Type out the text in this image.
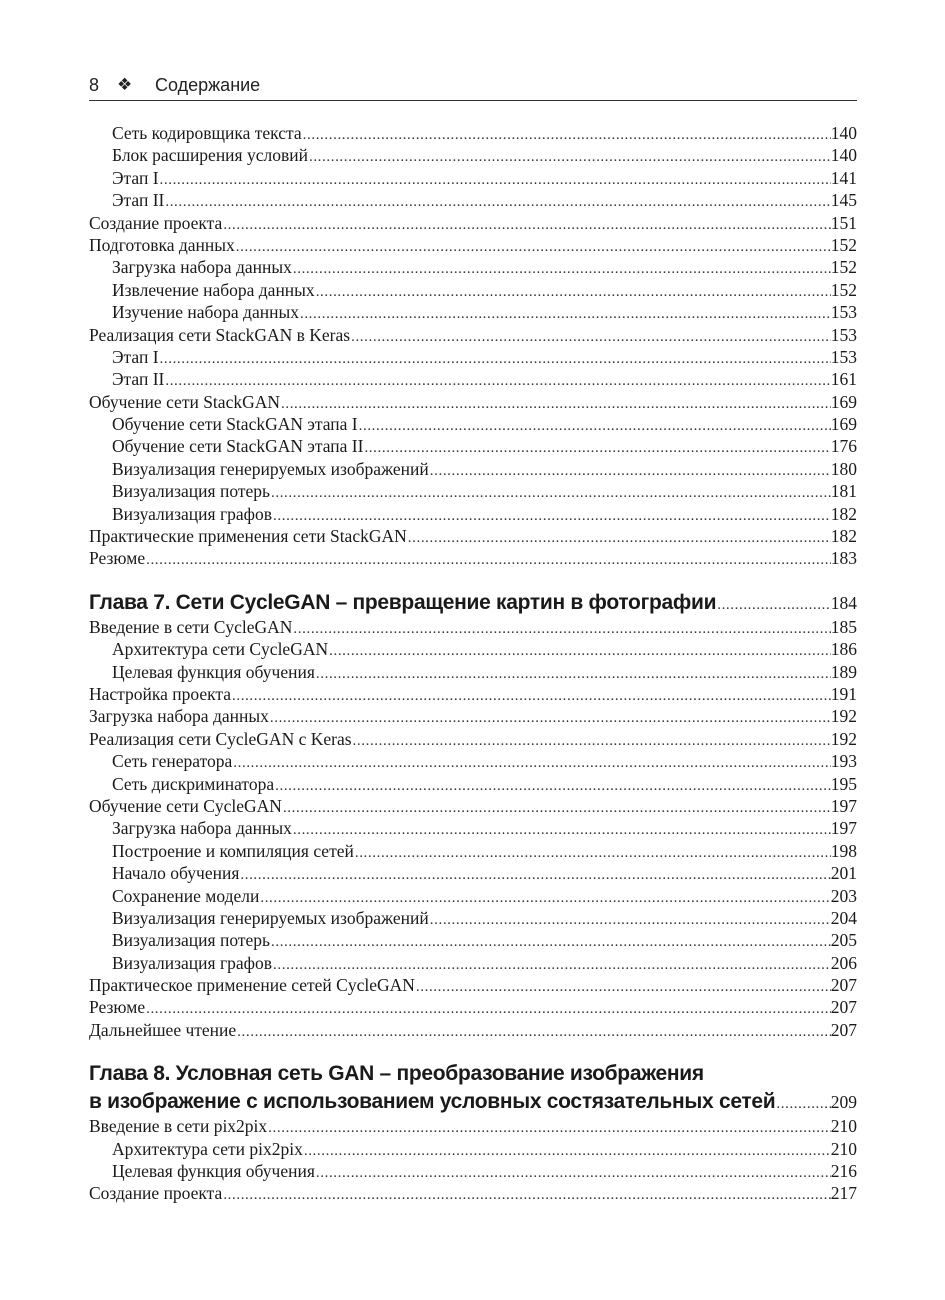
8	❖	Содержание
Сеть кодировщика текста .....	140
Блок расширения условий .....	140
Этап I .....	141
Этап II .....	145
Создание проекта .....	151
Подготовка данных .....	152
Загрузка набора данных .....	152
Извлечение набора данных .....	152
Изучение набора данных .....	153
Реализация сети StackGAN в Keras .....	153
Этап I .....	153
Этап II .....	161
Обучение сети StackGAN .....	169
Обучение сети StackGAN этапа I .....	169
Обучение сети StackGAN этапа II .....	176
Визуализация генерируемых изображений .....	180
Визуализация потерь .....	181
Визуализация графов .....	182
Практические применения сети StackGAN .....	182
Резюме .....	183
Глава 7. Сети CycleGAN – превращение картин в фотографии .....	184
Введение в сети CycleGAN .....	185
Архитектура сети CycleGAN .....	186
Целевая функция обучения .....	189
Настройка проекта .....	191
Загрузка набора данных .....	192
Реализация сети CycleGAN с Keras .....	192
Сеть генератора .....	193
Сеть дискриминатора .....	195
Обучение сети CycleGAN .....	197
Загрузка набора данных .....	197
Построение и компиляция сетей .....	198
Начало обучения .....	201
Сохранение модели .....	203
Визуализация генерируемых изображений .....	204
Визуализация потерь .....	205
Визуализация графов .....	206
Практическое применение сетей CycleGAN .....	207
Резюме .....	207
Дальнейшее чтение .....	207
Глава 8. Условная сеть GAN – преобразование изображения
в изображение с использованием условных состязательных сетей .....	209
Введение в сети pix2pix .....	210
Архитектура сети pix2pix .....	210
Целевая функция обучения .....	216
Создание проекта .....	217
